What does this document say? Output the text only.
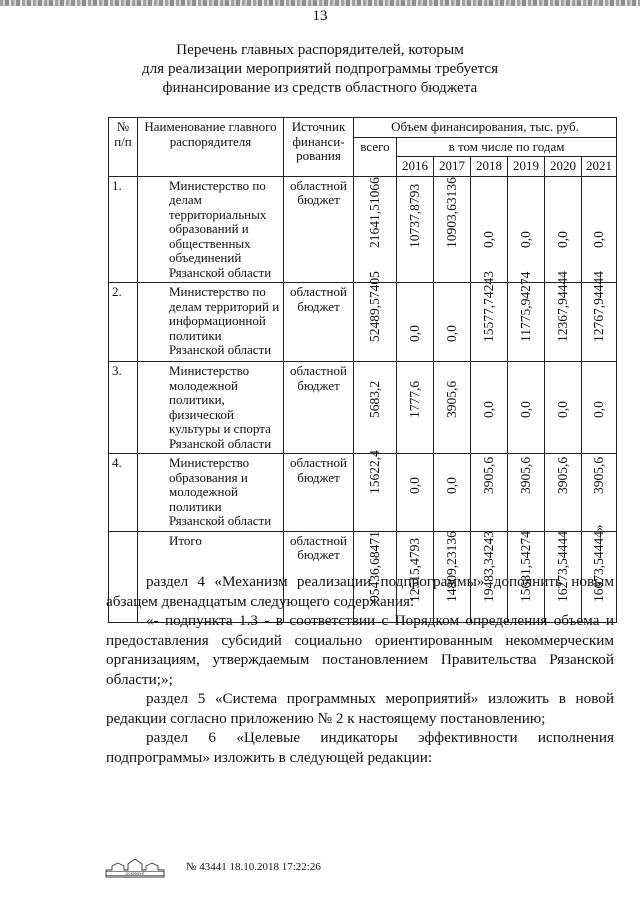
13
Перечень главных распорядителей, которым
для реализации мероприятий подпрограммы требуется
финансирование из средств областного бюджета
№ п/п	Наименование главного распорядителя	Источник финанси-рования	Объем финансирования, тыс. руб.						
			всего	в том числе по годам					
				2016	2017	2018	2019	2020	2021
1.	Министерство по делам территориальных образований и общественных объединений Рязанской области	областной бюджет	21641,51066	10737,8793	10903,63136	0,0	0,0	0,0	0,0

2.	Министерство по делам территорий и информационной политики Рязанской области	областной бюджет	52489,57405	0,0	0,0	15577,74243	11775,94274	12367,94444	12767,94444

3.	Министерство молодежной политики, физической культуры и спорта Рязанской области	областной бюджет	5683,2	1777,6	3905,6	0,0	0,0	0,0	0,0

4.	Министерство образования и молодежной политики Рязанской области	областной бюджет	15622,4	0,0	0,0	3905,6	3905,6	3905,6	3905,6

	Итого	областной бюджет	95436,68471	12515,4793	14809,23136	19483,34243	15681,54274	16273,54444	16673,54444»
раздел 4 «Механизм реализации подпрограммы» дополнить новым абзацем двенадцатым следующего содержания:
«- подпункта 1.3 - в соответствии с Порядком определения объема и предоставления субсидий социально ориентированным некоммерческим организациям, утверждаемым постановлением Правительства Рязанской области;»;
раздел 5 «Система программных мероприятий» изложить в новой редакции согласно приложению № 2 к настоящему постановлению;
раздел 6 «Целевые индикаторы эффективности исполнения подпрограммы» изложить в следующей редакции:
ДОКУМЕНТ
№ 43441 18.10.2018 17:22:26
